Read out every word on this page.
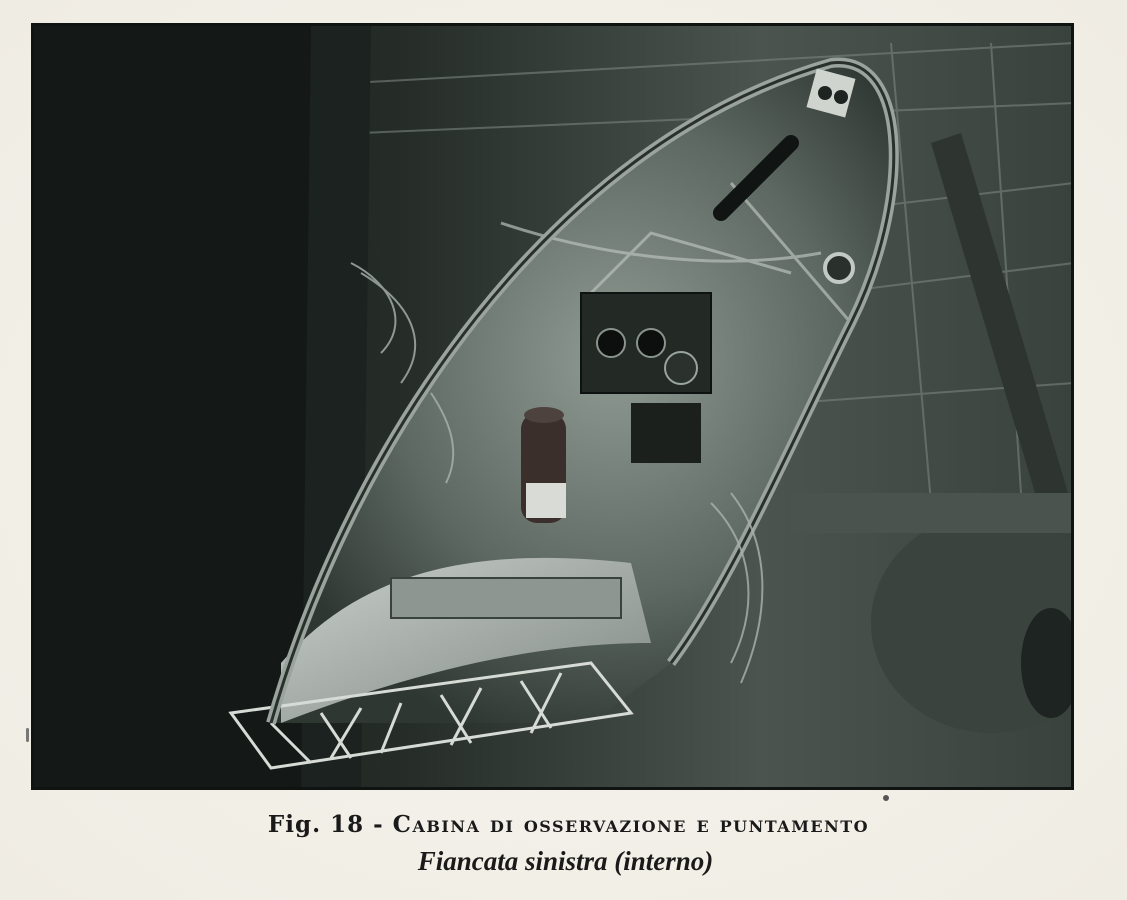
Fig. 18 - Cabina di osservazione e puntamento
Fiancata sinistra (interno)
